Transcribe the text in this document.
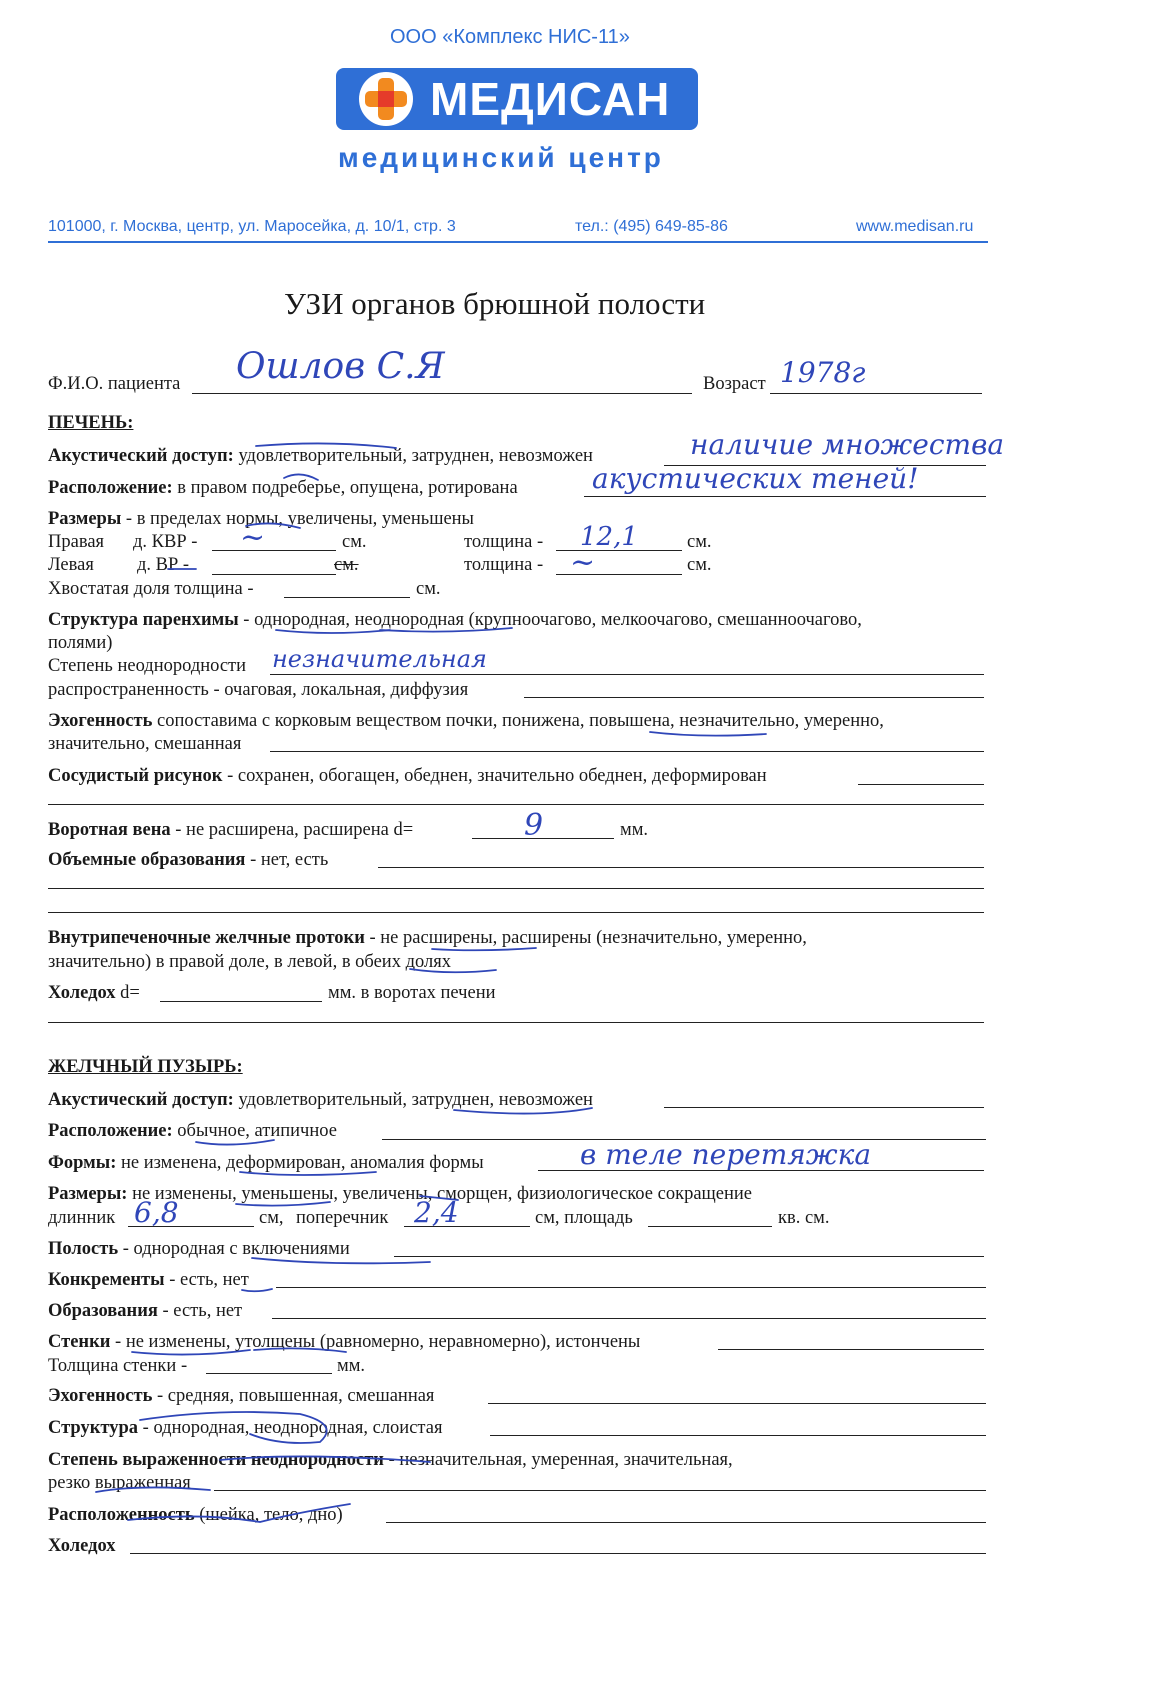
ООО «Комплекс НИС-11»
МЕДИСАН
медицинский центр
101000, г. Москва, центр, ул. Маросейка, д. 10/1, стр. 3	тел.: (495) 649-85-86	www.medisan.ru
УЗИ органов брюшной полости
Ф.И.О. пациента Ошлов С.Я	Возраст 1978г
ПЕЧЕНЬ:
Акустический доступ: удовлетворительный, затруднен, невозможен	наличие множества
Расположение: в правом подреберье, опущена, ротирована	акустических теней!
Размеры - в пределах нормы, увеличены, уменьшены
Правая д. КВР - ~	см.	толщина - 12,1	см.
Левая д. ВР -	см.	толщина - ~	см.
Хвостатая доля толщина -	см.
Структура паренхимы - однородная, неоднородная (крупноочагово, мелкоочагово, смешанноочагово,
полями)
Степень неоднородности незначительная
распространенность - очаговая, локальная, диффузия
Эхогенность сопоставима с корковым веществом почки, понижена, повышена, незначительно, умеренно,
значительно, смешанная
Сосудистый рисунок - сохранен, обогащен, обеднен, значительно обеднен, деформирован
Воротная вена - не расширена, расширена d=	9	мм.
Объемные образования - нет, есть
Внутрипеченочные желчные протоки - не расширены, расширены (незначительно, умеренно,
значительно) в правой доле, в левой, в обеих долях
Холедох d=	мм. в воротах печени
ЖЕЛЧНЫЙ ПУЗЫРЬ:
Акустический доступ: удовлетворительный, затруднен, невозможен
Расположение: обычное, атипичное
Формы: не изменена, деформирован, аномалия формы	в теле перетяжка
Размеры: не изменены, уменьшены, увеличены, сморщен, физиологическое сокращение
длинник 6,8	см, поперечник 2,4	см, площадь	кв. см.
Полость - однородная с включениями
Конкременты - есть, нет
Образования - есть, нет
Стенки - не изменены, утолщены (равномерно, неравномерно), истончены
Толщина стенки -	мм.
Эхогенность - средняя, повышенная, смешанная
Структура - однородная, неоднородная, слоистая
Степень выраженности неоднородности - незначительная, умеренная, значительная,
резко выраженная
Расположенность (шейка, тело, дно)
Холедох
